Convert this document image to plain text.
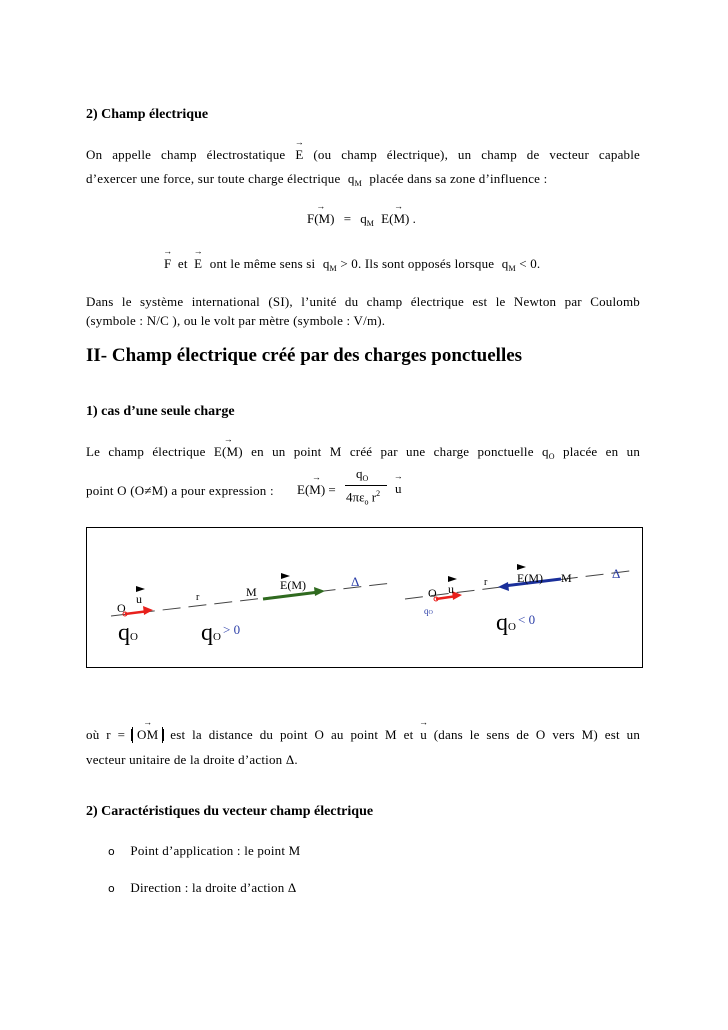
2) Champ électrique
On appelle champ électrostatique → E (ou champ électrique), un champ de vecteur capable
d’exercer une force, sur toute charge électrique $q_M$ placée dans sa zone d’influence :
→ $F(M) = q_M \to E(M)$ .
→ F et → E ont le même sens si $q_M > 0$. Ils sont opposés lorsque $q_M < 0$.
Dans le système international (SI), l’unité du champ électrique est le Newton par Coulomb
(symbole : N/C ), ou le volt par mètre (symbole : V/m).
II- Champ électrique créé par des charges ponctuelles
1) cas d’une seule charge
Le champ électrique → E(M) en un point M créé par une charge ponctuelle $q_O$ placée en un
point O (O≠M) a pour expression :
→ E(M) =
$q_O$
$4\pi\varepsilon_o$ $r^2$
→ u
u
O
r	M E(M)	Δ
qO	qO > 0
u
O
r E(M) M	Δ
qO	qO < 0
où r = → OM est la distance du point O au point M et → u (dans le sens de O vers M) est un
vecteur unitaire de la droite d’action Δ.
2) Caractéristiques du vecteur champ électrique
o Point d’application : le point M
o Direction : la droite d’action Δ
